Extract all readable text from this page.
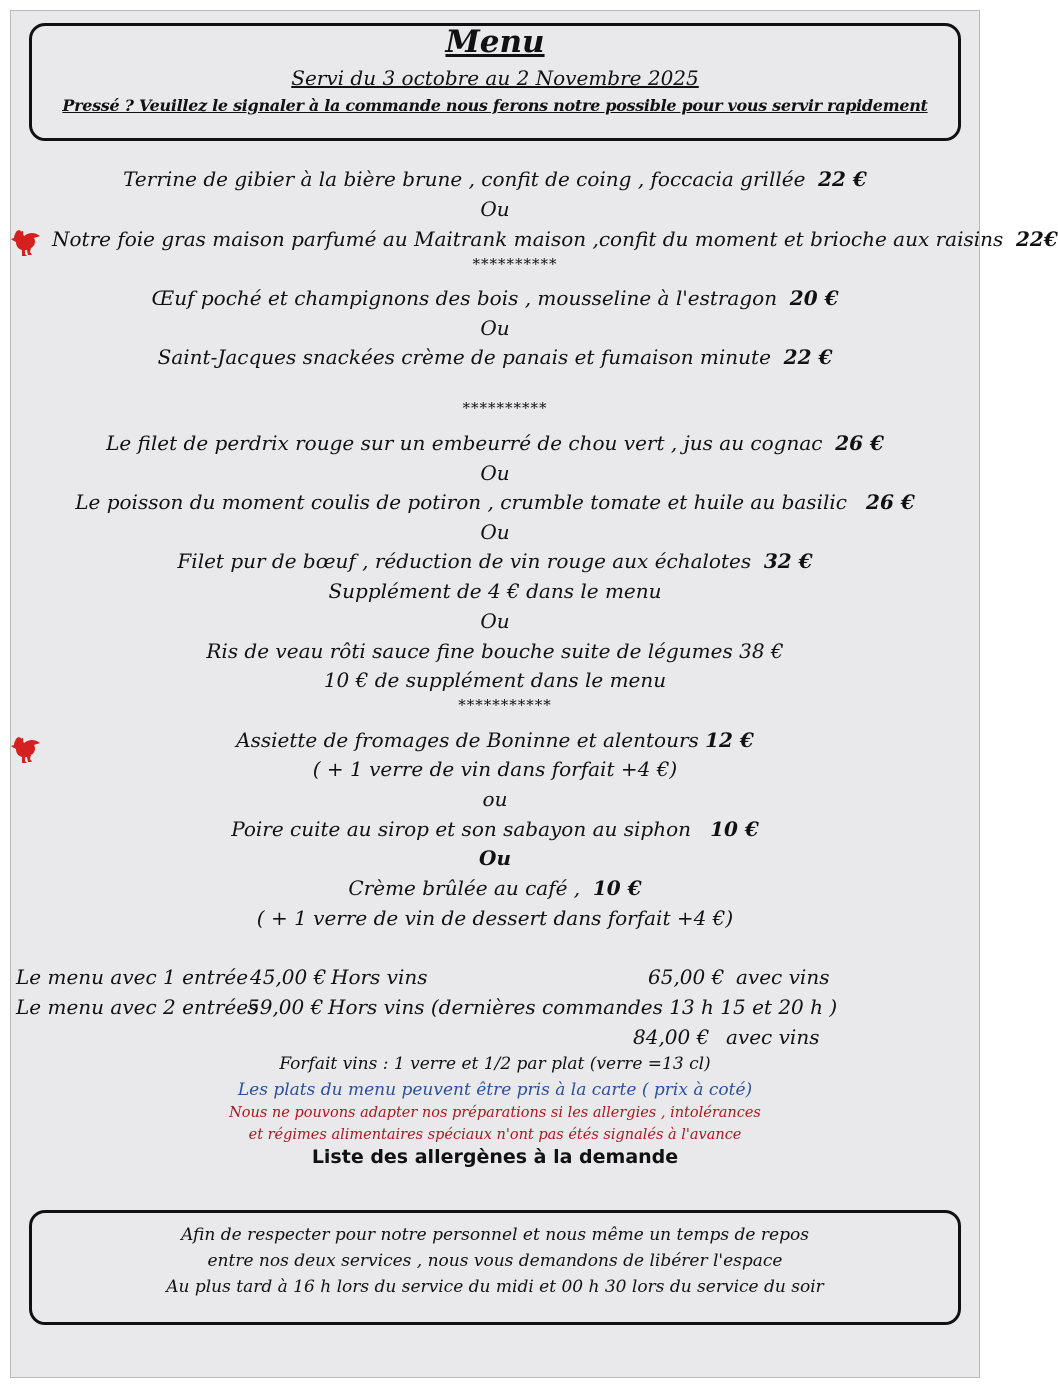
Menu
Servi du 3 octobre au 2 Novembre 2025
Pressé ? Veuillez le signaler à la commande nous ferons notre possible pour vous servir rapidement
Terrine de gibier à la bière brune , confit de coing , foccacia grillée 22 €
Ou
Notre foie gras maison parfumé au Maitrank maison ,confit du moment et brioche aux raisins 22€
**********
Œuf poché et champignons des bois , mousseline à l'estragon 20 €
Ou
Saint-Jacques snackées crème de panais et fumaison minute 22 €
**********
Le filet de perdrix rouge sur un embeurré de chou vert , jus au cognac 26 €
Ou
Le poisson du moment coulis de potiron , crumble tomate et huile au basilic 26 €
Ou
Filet pur de bœuf , réduction de vin rouge aux échalotes 32 €
Supplément de 4 € dans le menu
Ou
Ris de veau rôti sauce fine bouche suite de légumes 38 €
10 € de supplément dans le menu
***********
Assiette de fromages de Boninne et alentours 12 €
( + 1 verre de vin dans forfait +4 €)
ou
Poire cuite au sirop et son sabayon au siphon 10 €
Ou
Crème brûlée au café , 10 €
( + 1 verre de vin de dessert dans forfait +4 €)
Le menu avec 1 entrée 45,00 € Hors vins	65,00 € avec vins
Le menu avec 2 entrées
59,00 € Hors vins (dernières commandes 13 h 15 et 20 h )
84,00 € avec vins
Forfait vins : 1 verre et 1/2 par plat (verre =13 cl)
Les plats du menu peuvent être pris à la carte ( prix à coté)
Nous ne pouvons adapter nos préparations si les allergies , intolérances
et régimes alimentaires spéciaux n'ont pas étés signalés à l'avance
Liste des allergènes à la demande
Afin de respecter pour notre personnel et nous même un temps de repos
entre nos deux services , nous vous demandons de libérer l'espace
Au plus tard à 16 h lors du service du midi et 00 h 30 lors du service du soir
